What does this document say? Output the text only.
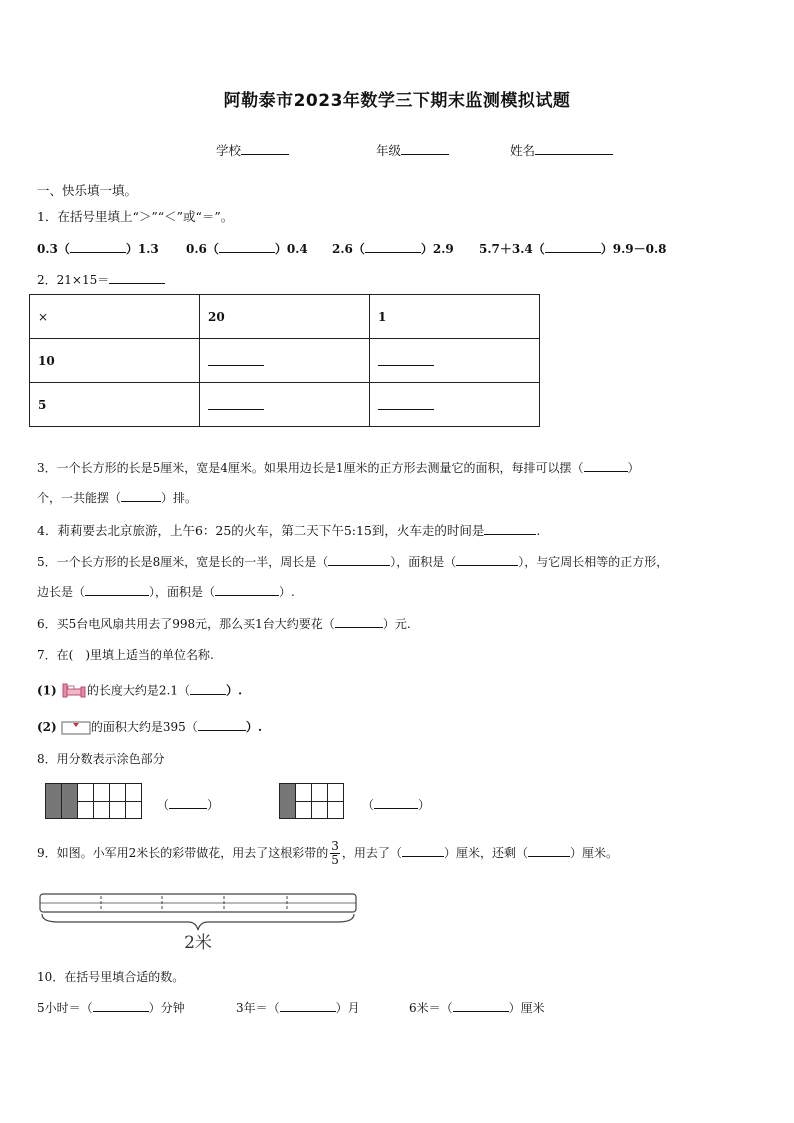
阿勒泰市2023年数学三下期末监测模拟试题
学校	年级	姓名
一、快乐填一填。
1．在括号里填上“＞”“＜”或“＝”。
0.3（	）1.3 0.6（	）0.4 2.6（	）2.9 5.7＋3.4（	）9.9－0.8
2．21×15＝
×	20	1
10		
5		
3．一个长方形的长是5厘米，宽是4厘米。如果用边长是1厘米的正方形去测量它的面积，每排可以摆（	）
个，一共能摆（	）排。
4．莉莉要去北京旅游，上午6：25的火车，第二天下午5:15到，火车走的时间是	.
5．一个长方形的长是8厘米，宽是长的一半，周长是（	），面积是（	），与它周长相等的正方形，
边长是（	），面积是（	）.
6．买5台电风扇共用去了998元，那么买1台大约要花（	）元.
7．在(　)里填上适当的单位名称.
(1)	的长度大约是2.1（	）.
(2)	的面积大约是395（	）.
8．用分数表示涂色部分
（	）	（	）
9．如图。小军用2米长的彩带做花，用去了这根彩带的 $\frac{3}{5}$ ，用去了（	）厘米，还剩（	）厘米。
2米
10．在括号里填合适的数。
5小时＝（	）分钟	3年＝（	）月	6米＝（	）厘米
